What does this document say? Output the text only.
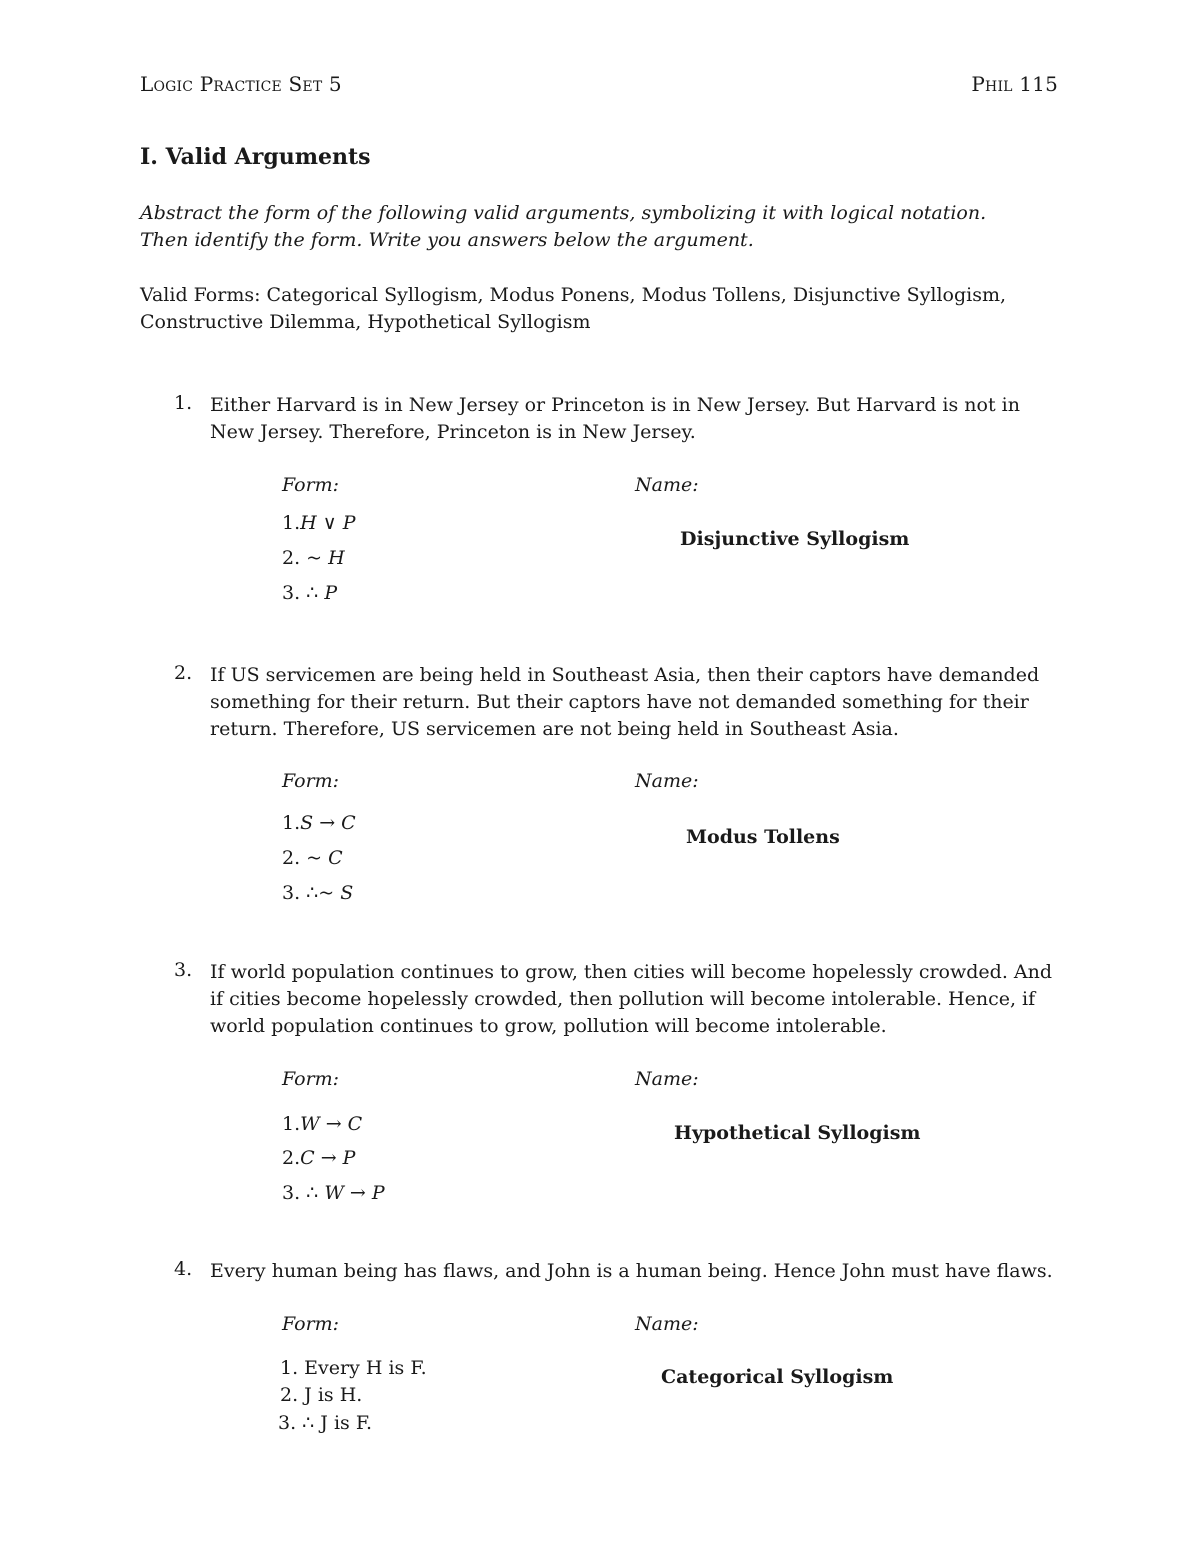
Logic Practice Set 5	Phil 115
I. Valid Arguments
Abstract the form of the following valid arguments, symbolizing it with logical notation. Then identify the form. Write you answers below the argument.
Valid Forms: Categorical Syllogism, Modus Ponens, Modus Tollens, Disjunctive Syllogism, Constructive Dilemma, Hypothetical Syllogism
1. Either Harvard is in New Jersey or Princeton is in New Jersey. But Harvard is not in New Jersey. Therefore, Princeton is in New Jersey.
Form:	Name:
1.H ∨ P
2. ~ H
3. ∴ P
Disjunctive Syllogism
2. If US servicemen are being held in Southeast Asia, then their captors have demanded something for their return. But their captors have not demanded something for their return. Therefore, US servicemen are not being held in Southeast Asia.
Form:	Name:
1.S → C
2. ~ C
3. ∴~ S
Modus Tollens
3. If world population continues to grow, then cities will become hopelessly crowded. And if cities become hopelessly crowded, then pollution will become intolerable. Hence, if world population continues to grow, pollution will become intolerable.
Form:	Name:
1.W → C
2.C → P
3. ∴ W → P
Hypothetical Syllogism
4. Every human being has flaws, and John is a human being. Hence John must have flaws.
Form:	Name:
1. Every H is F.
2. J is H.
3. ∴ J is F.
Categorical Syllogism
